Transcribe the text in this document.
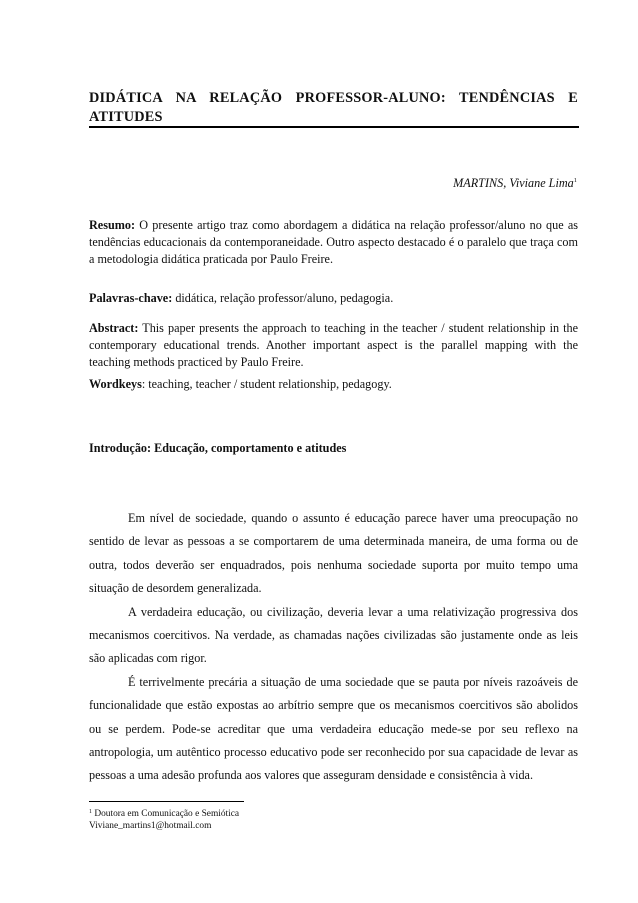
DIDÁTICA NA RELAÇÃO PROFESSOR-ALUNO: TENDÊNCIAS E ATITUDES
MARTINS, Viviane Lima$^1$
Resumo: O presente artigo traz como abordagem a didática na relação professor/aluno no que as tendências educacionais da contemporaneidade. Outro aspecto destacado é o paralelo que traça com a metodologia didática praticada por Paulo Freire.
Palavras-chave: didática, relação professor/aluno, pedagogia.
Abstract: This paper presents the approach to teaching in the teacher / student relationship in the contemporary educational trends. Another important aspect is the parallel mapping with the teaching methods practiced by Paulo Freire.
Wordkeys: teaching, teacher / student relationship, pedagogy.
Introdução: Educação, comportamento e atitudes

Em nível de sociedade, quando o assunto é educação parece haver uma preocupação no sentido de levar as pessoas a se comportarem de uma determinada maneira, de uma forma ou de outra, todos deverão ser enquadrados, pois nenhuma sociedade suporta por muito tempo uma situação de desordem generalizada.

A verdadeira educação, ou civilização, deveria levar a uma relativização progressiva dos mecanismos coercitivos. Na verdade, as chamadas nações civilizadas são justamente onde as leis são aplicadas com rigor.

É terrivelmente precária a situação de uma sociedade que se pauta por níveis razoáveis de funcionalidade que estão expostas ao arbítrio sempre que os mecanismos coercitivos são abolidos ou se perdem. Pode-se acreditar que uma verdadeira educação mede-se por seu reflexo na antropologia, um autêntico processo educativo pode ser reconhecido por sua capacidade de levar as pessoas a uma adesão profunda aos valores que asseguram densidade e consistência à vida.

$^1$ Doutora em Comunicação e Semiótica
Viviane_martins1@hotmail.com
